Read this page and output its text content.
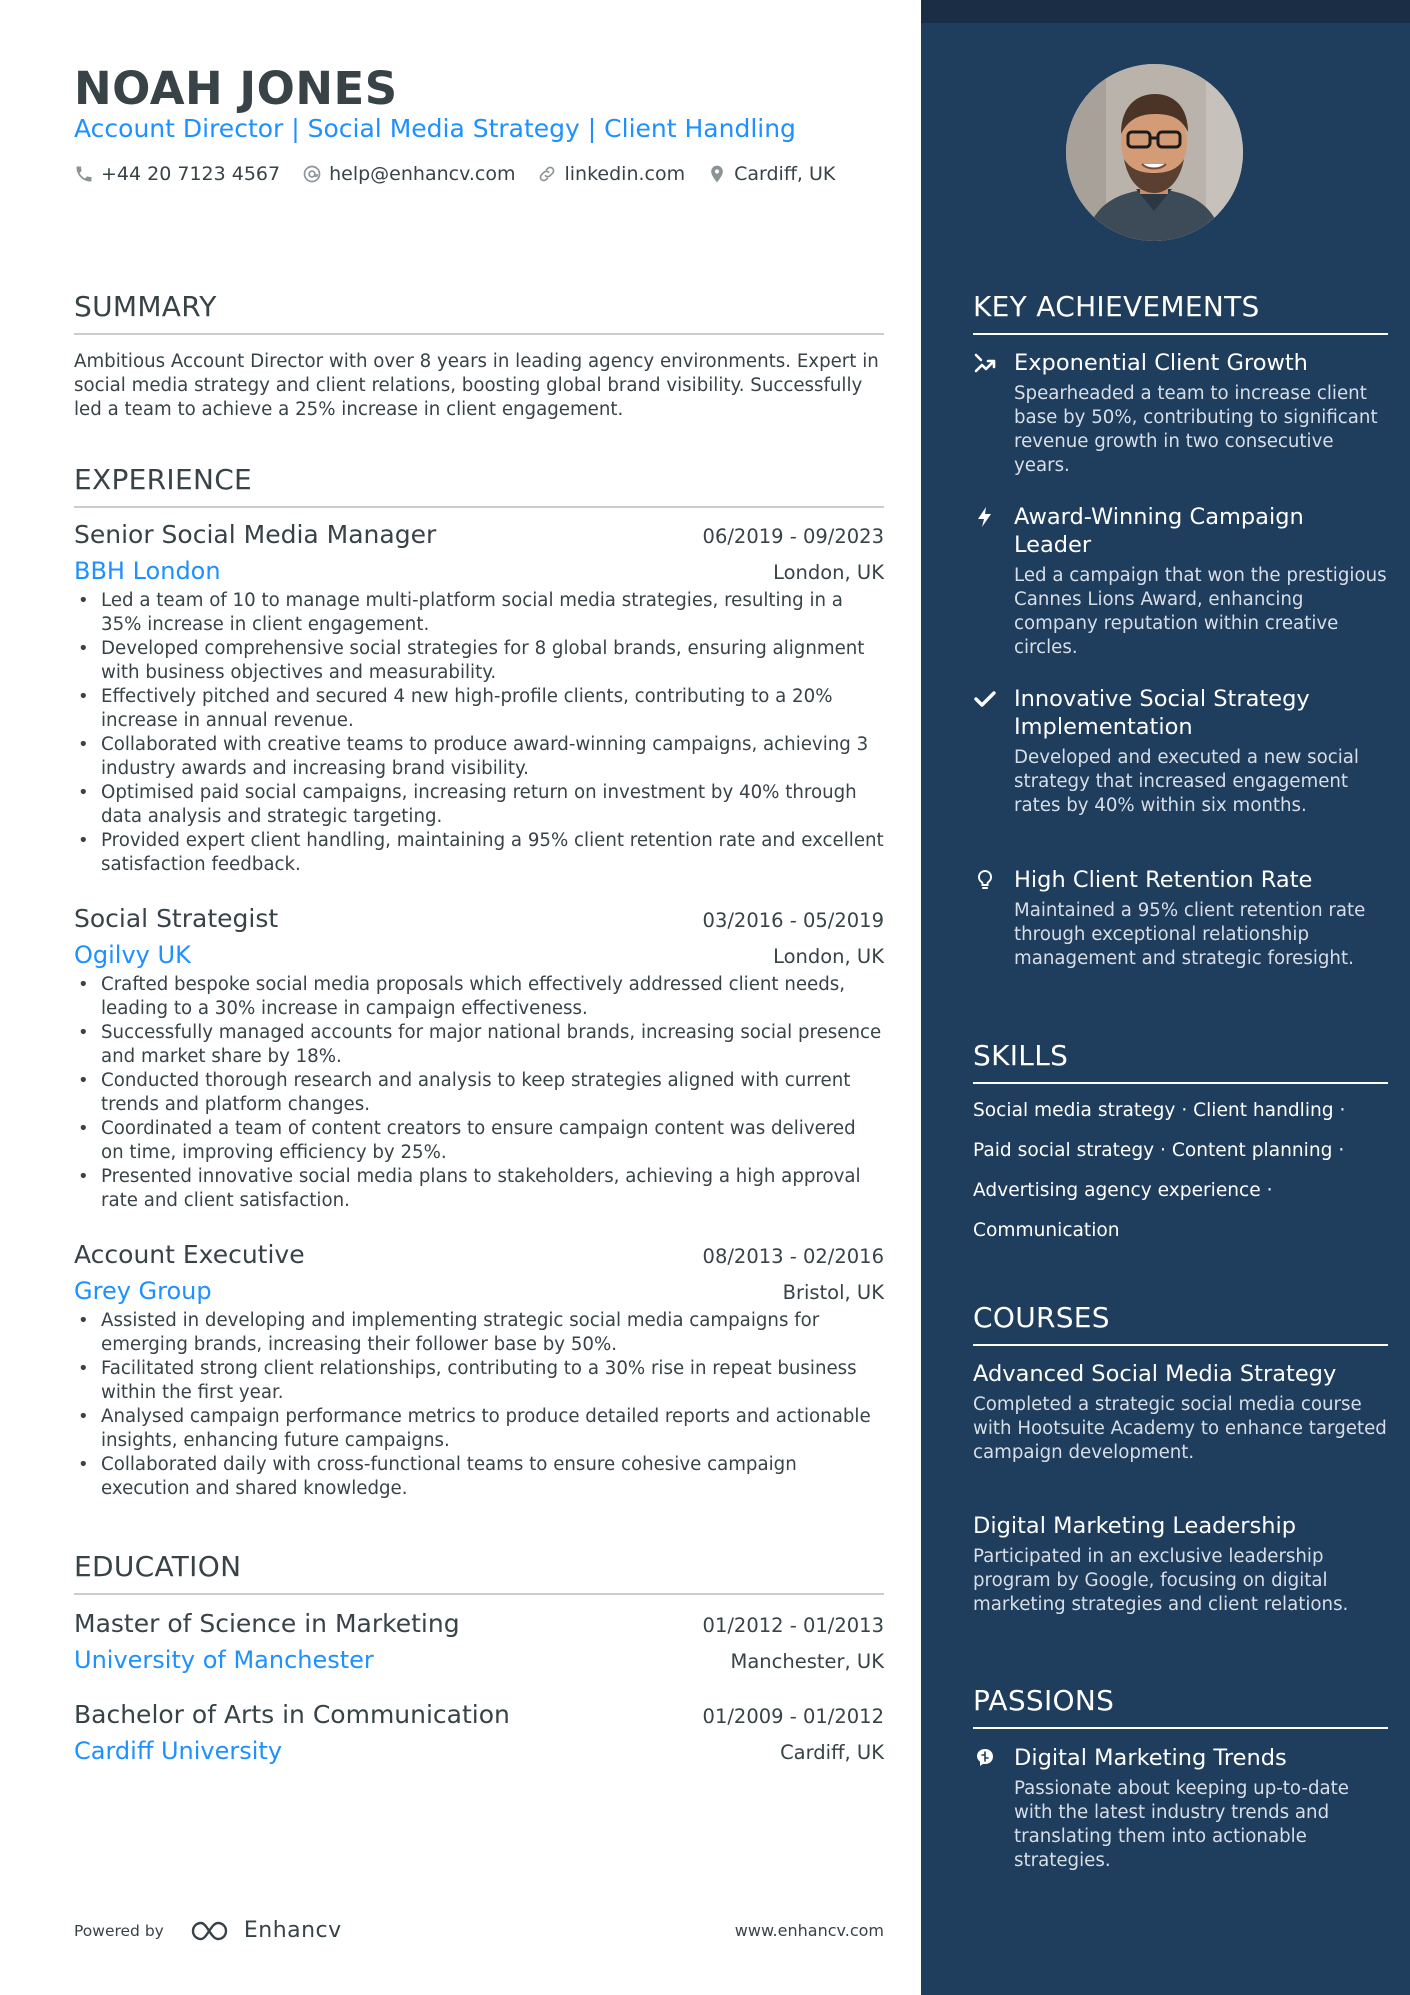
NOAH JONES
Account Director | Social Media Strategy | Client Handling
+44 20 7123 4567	help@enhancv.com	linkedin.com	Cardiff, UK
SUMMARY
Ambitious Account Director with over 8 years in leading agency environments. Expert in social media strategy and client relations, boosting global brand visibility. Successfully led a team to achieve a 25% increase in client engagement.
EXPERIENCE
Senior Social Media Manager	06/2019 - 09/2023
BBH London	London, UK
• Led a team of 10 to manage multi-platform social media strategies, resulting in a 35% increase in client engagement.
• Developed comprehensive social strategies for 8 global brands, ensuring alignment with business objectives and measurability.
• Effectively pitched and secured 4 new high-profile clients, contributing to a 20% increase in annual revenue.
• Collaborated with creative teams to produce award-winning campaigns, achieving 3 industry awards and increasing brand visibility.
• Optimised paid social campaigns, increasing return on investment by 40% through data analysis and strategic targeting.
• Provided expert client handling, maintaining a 95% client retention rate and excellent satisfaction feedback.
Social Strategist	03/2016 - 05/2019
Ogilvy UK	London, UK
• Crafted bespoke social media proposals which effectively addressed client needs, leading to a 30% increase in campaign effectiveness.
• Successfully managed accounts for major national brands, increasing social presence and market share by 18%.
• Conducted thorough research and analysis to keep strategies aligned with current trends and platform changes.
• Coordinated a team of content creators to ensure campaign content was delivered on time, improving efficiency by 25%.
• Presented innovative social media plans to stakeholders, achieving a high approval rate and client satisfaction.
Account Executive	08/2013 - 02/2016
Grey Group	Bristol, UK
• Assisted in developing and implementing strategic social media campaigns for emerging brands, increasing their follower base by 50%.
• Facilitated strong client relationships, contributing to a 30% rise in repeat business within the first year.
• Analysed campaign performance metrics to produce detailed reports and actionable insights, enhancing future campaigns.
• Collaborated daily with cross-functional teams to ensure cohesive campaign execution and shared knowledge.
EDUCATION
Master of Science in Marketing	01/2012 - 01/2013
University of Manchester	Manchester, UK
Bachelor of Arts in Communication	01/2009 - 01/2012
Cardiff University	Cardiff, UK
Powered by	Enhancv	www.enhancv.com
KEY ACHIEVEMENTS
Exponential Client Growth
Spearheaded a team to increase client base by 50%, contributing to significant revenue growth in two consecutive years.
Award-Winning Campaign Leader
Led a campaign that won the prestigious Cannes Lions Award, enhancing company reputation within creative circles.
Innovative Social Strategy Implementation
Developed and executed a new social strategy that increased engagement rates by 40% within six months.
High Client Retention Rate
Maintained a 95% client retention rate through exceptional relationship management and strategic foresight.
SKILLS
Social media strategy · Client handling · Paid social strategy · Content planning · Advertising agency experience · Communication
COURSES
Advanced Social Media Strategy
Completed a strategic social media course with Hootsuite Academy to enhance targeted campaign development.
Digital Marketing Leadership
Participated in an exclusive leadership program by Google, focusing on digital marketing strategies and client relations.
PASSIONS
Digital Marketing Trends
Passionate about keeping up-to-date with the latest industry trends and translating them into actionable strategies.
